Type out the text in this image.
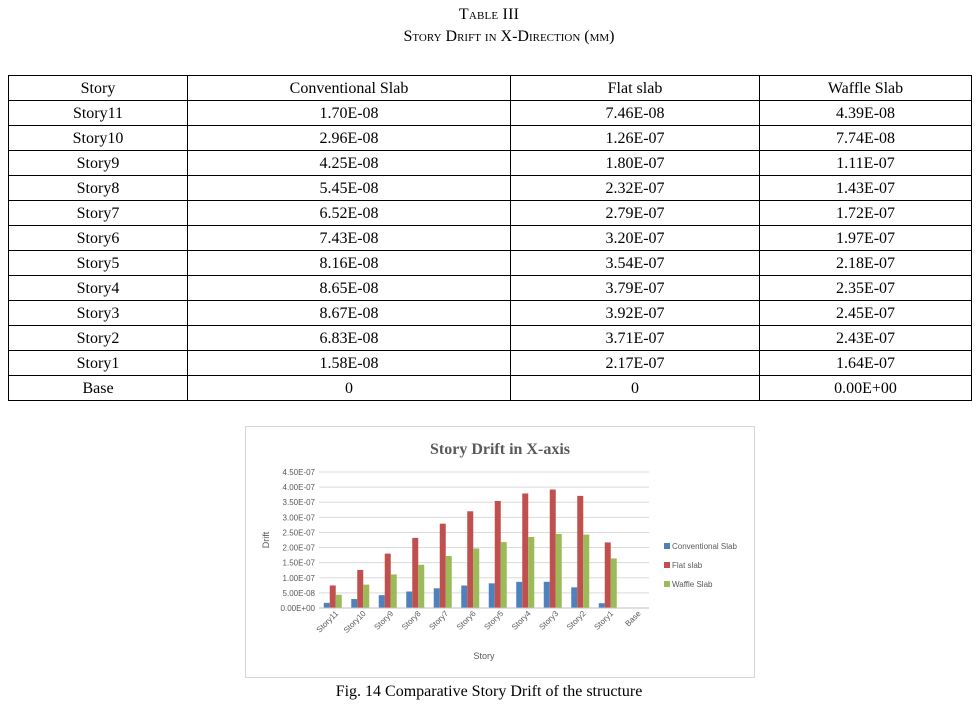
Table III
Story Drift in X-Direction (mm)
Story	Conventional Slab	Flat slab	Waffle Slab
Story11	1.70E-08	7.46E-08	4.39E-08
Story10	2.96E-08	1.26E-07	7.74E-08
Story9	4.25E-08	1.80E-07	1.11E-07
Story8	5.45E-08	2.32E-07	1.43E-07
Story7	6.52E-08	2.79E-07	1.72E-07
Story6	7.43E-08	3.20E-07	1.97E-07
Story5	8.16E-08	3.54E-07	2.18E-07
Story4	8.65E-08	3.79E-07	2.35E-07
Story3	8.67E-08	3.92E-07	2.45E-07
Story2	6.83E-08	3.71E-07	2.43E-07
Story1	1.58E-08	2.17E-07	1.64E-07
Base	0	0	0.00E+00
Story Drift in X-axis
0.00E+00
5.00E-08
1.00E-07
1.50E-07
2.00E-07
2.50E-07
3.00E-07
3.50E-07
4.00E-07
4.50E-07
Story11 Story10 Story9 Story8 Story7 Story6 Story5 Story4 Story3 Story2 Story1 Base
Story
Drift	Conventional Slab
Flat slab
Waffle Slab
Fig. 14 Comparative Story Drift of the structure
